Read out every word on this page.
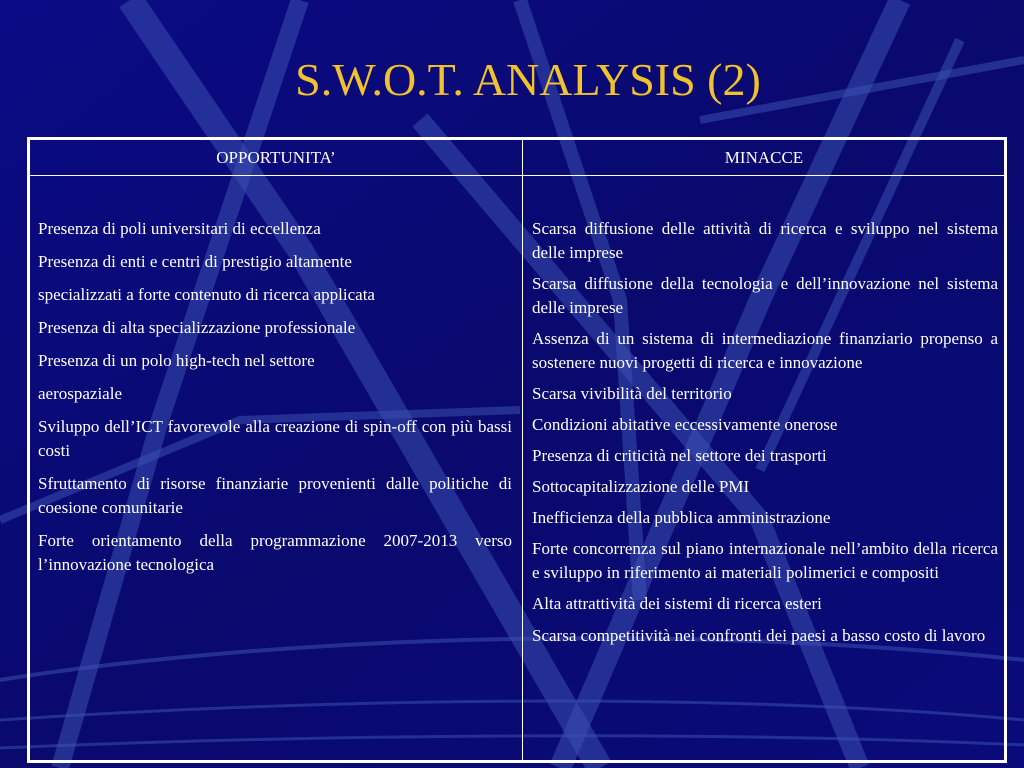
S.W.O.T. ANALYSIS (2)
OPPORTUNITA’	MINACCE

Presenza di poli universitari di eccellenza

Presenza di enti e centri di prestigio altamente

specializzati a forte contenuto di ricerca applicata

Presenza di alta specializzazione professionale

Presenza di un polo high-tech nel settore

aerospaziale

Sviluppo dell’ICT favorevole alla creazione di spin-off con più bassi costi

Sfruttamento di risorse finanziarie provenienti dalle politiche di coesione comunitarie

Forte orientamento della programmazione 2007-2013 verso l’innovazione tecnologica

Scarsa diffusione delle attività di ricerca e sviluppo nel sistema delle imprese

Scarsa diffusione della tecnologia e dell’innovazione nel sistema delle imprese

Assenza di un sistema di intermediazione finanziario propenso a sostenere nuovi progetti di ricerca e innovazione

Scarsa vivibilità del territorio

Condizioni abitative eccessivamente onerose

Presenza di criticità nel settore dei trasporti

Sottocapitalizzazione delle PMI

Inefficienza della pubblica amministrazione

Forte concorrenza sul piano internazionale nell’ambito della ricerca e sviluppo in riferimento ai materiali polimerici e compositi

Alta attrattività dei sistemi di ricerca esteri

Scarsa competitività nei confronti dei paesi a basso costo di lavoro
